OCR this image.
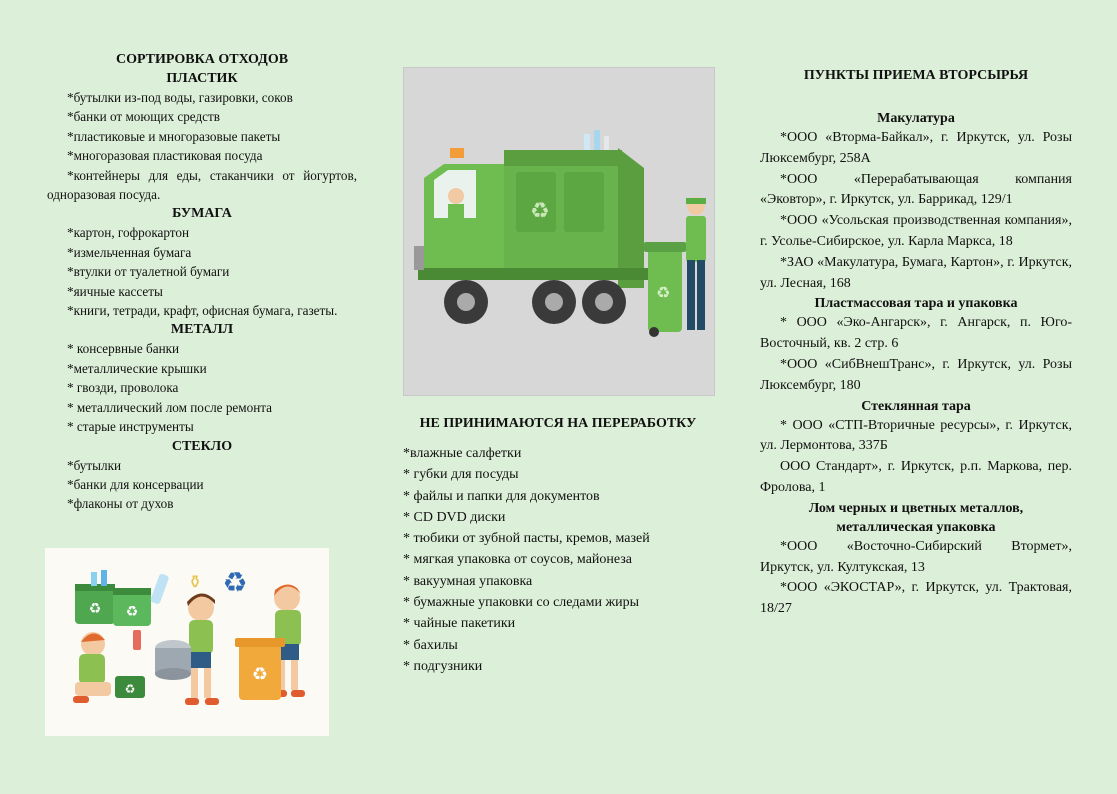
СОРТИРОВКА ОТХОДОВ
ПЛАСТИК
*бутылки из-под воды, газировки, соков
*банки от моющих средств
*пластиковые и многоразовые пакеты
*многоразовая пластиковая посуда
*контейнеры для еды, стаканчики от йогуртов, одноразовая посуда.
БУМАГА
*картон, гофрокартон
*измельченная бумага
*втулки от туалетной бумаги
*яичные кассеты
*книги, тетради, крафт, офисная бумага, газеты.
МЕТАЛЛ
* консервные банки
*металлические крышки
* гвозди, проволока
* металлический лом после ремонта
* старые инструменты
СТЕКЛО
*бутылки
*банки для консервации
*флаконы от духов
♻ ♻
♻
⚱
♻
♻
♻
♻
НЕ ПРИНИМАЮТСЯ НА ПЕРЕРАБОТКУ
*влажные салфетки
* губки для посуды
* файлы и папки для документов
* CD DVD диски
* тюбики от зубной пасты, кремов, мазей
* мягкая упаковка от соусов, майонеза
* вакуумная упаковка
* бумажные упаковки со следами жиры
* чайные пакетики
* бахилы
* подгузники
ПУНКТЫ ПРИЕМА ВТОРСЫРЬЯ
Макулатура
*ООО «Вторма-Байкал», г. Иркутск, ул. Розы Люксембург, 258А
*ООО «Перерабатывающая компания «Эковтор», г. Иркутск, ул. Баррикад, 129/1
*ООО «Усольская производственная компания», г. Усолье-Сибирское, ул. Карла Маркса, 18
*ЗАО «Макулатура, Бумага, Картон», г. Иркутск, ул. Лесная, 168
Пластмассовая тара и упаковка
* ООО «Эко-Ангарск», г. Ангарск, п. Юго-Восточный, кв. 2 стр. 6
*ООО «СибВнешТранс», г. Иркутск, ул. Розы Люксембург, 180
Стеклянная тара
* ООО «СТП-Вторичные ресурсы», г. Иркутск, ул. Лермонтова, 337Б
ООО Стандарт», г. Иркутск, р.п. Маркова, пер. Фролова, 1
Лом черных и цветных металлов, металлическая упаковка
*ООО «Восточно-Сибирский Втормет», Иркутск, ул. Култукская, 13
*ООО «ЭКОСТАР», г. Иркутск, ул. Трактовая, 18/27
